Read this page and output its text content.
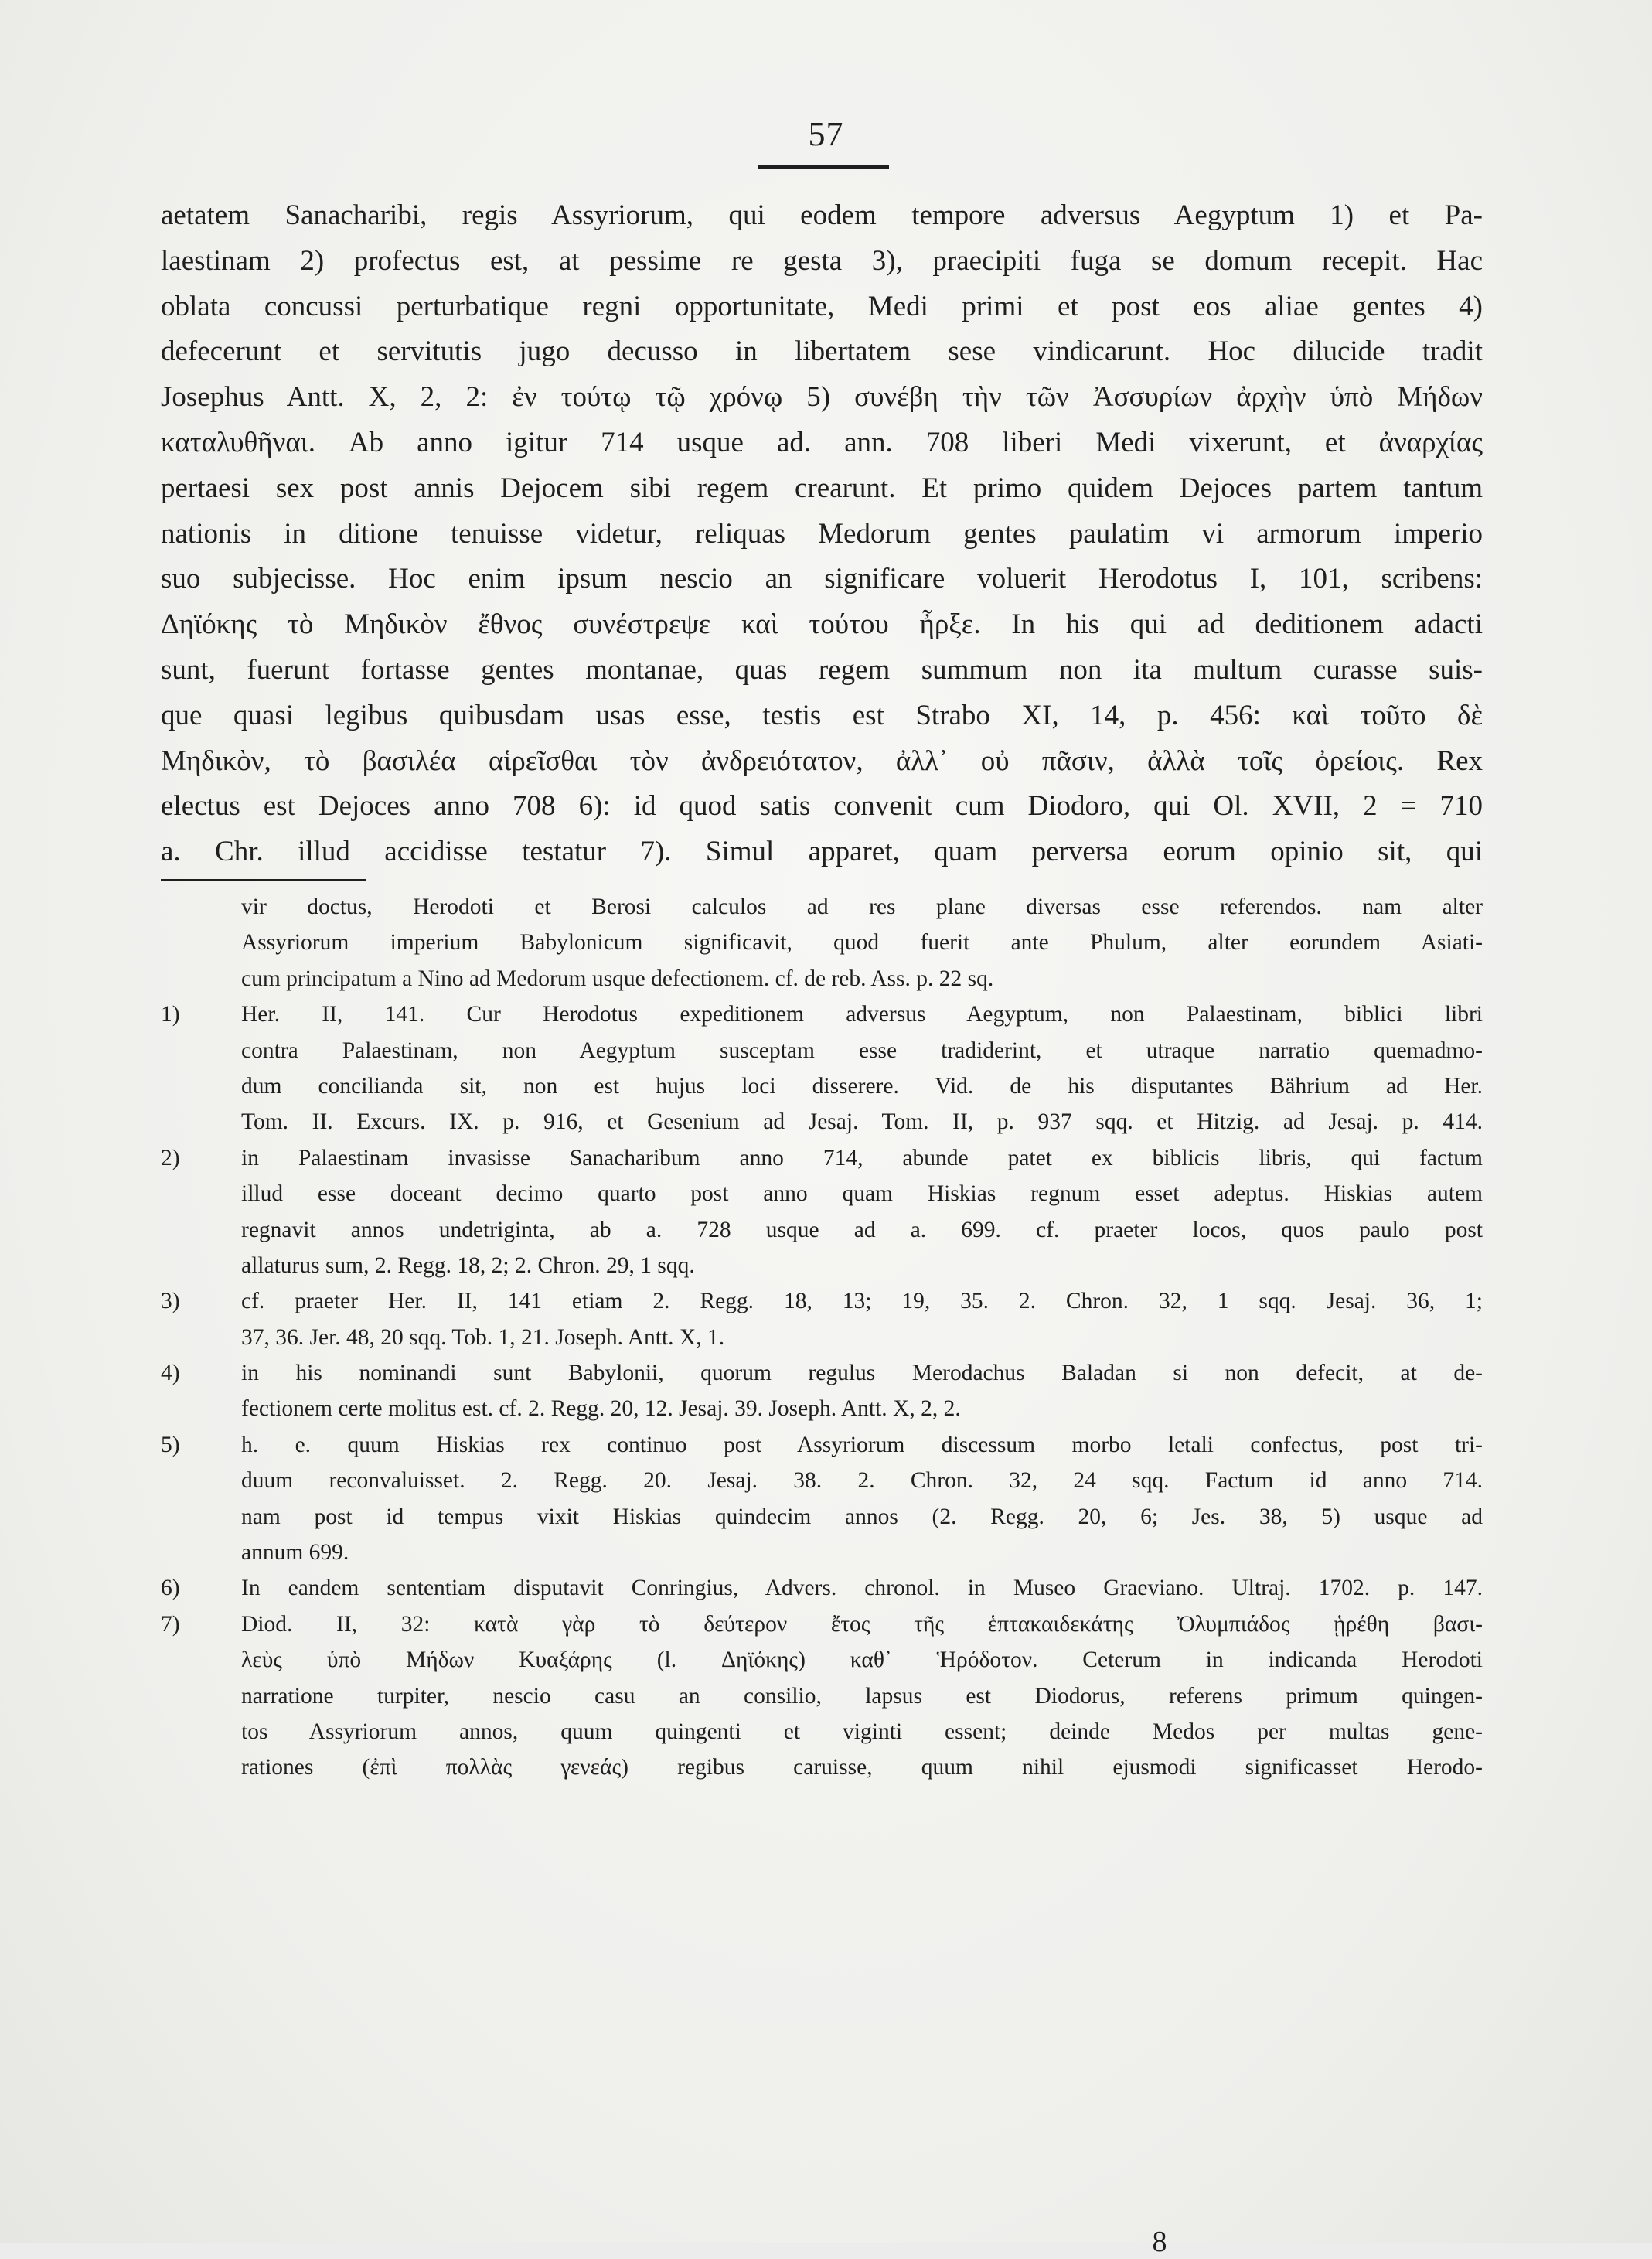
57
aetatem Sanacharibi, regis Assyriorum, qui eodem tempore adversus Aegyptum 1) et Pa-
laestinam 2) profectus est, at pessime re gesta 3), praecipiti fuga se domum recepit. Hac
oblata concussi perturbatique regni opportunitate, Medi primi et post eos aliae gentes 4)
defecerunt et servitutis jugo decusso in libertatem sese vindicarunt. Hoc dilucide tradit
Josephus Antt. X, 2, 2: ἐν τούτῳ τῷ χρόνῳ 5) συνέβη τὴν τῶν Ἀσσυρίων ἀρχὴν ὑπὸ Μήδων
καταλυθῆναι. Ab anno igitur 714 usque ad. ann. 708 liberi Medi vixerunt, et ἀναρχίας
pertaesi sex post annis Dejocem sibi regem crearunt. Et primo quidem Dejoces partem tantum
nationis in ditione tenuisse videtur, reliquas Medorum gentes paulatim vi armorum imperio
suo subjecisse. Hoc enim ipsum nescio an significare voluerit Herodotus I, 101, scribens:
Δηϊόκης τὸ Μηδικὸν ἔθνος συνέστρεψε καὶ τούτου ἦρξε. In his qui ad deditionem adacti
sunt, fuerunt fortasse gentes montanae, quas regem summum non ita multum curasse suis-
que quasi legibus quibusdam usas esse, testis est Strabo XI, 14, p. 456: καὶ τοῦτο δὲ
Μηδικὸν, τὸ βασιλέα αἱρεῖσθαι τὸν ἀνδρειότατον, ἀλλ᾽ οὐ πᾶσιν, ἀλλὰ τοῖς ὀρείοις. Rex
electus est Dejoces anno 708 6): id quod satis convenit cum Diodoro, qui Ol. XVII, 2 = 710
a. Chr. illud accidisse testatur 7). Simul apparet, quam perversa eorum opinio sit, qui
vir doctus, Herodoti et Berosi calculos ad res plane diversas esse referendos. nam alter
Assyriorum imperium Babylonicum significavit, quod fuerit ante Phulum, alter eorundem Asiati-
cum principatum a Nino ad Medorum usque defectionem. cf. de reb. Ass. p. 22 sq.
1)	Her. II, 141. Cur Herodotus expeditionem adversus Aegyptum, non Palaestinam, biblici libri
contra Palaestinam, non Aegyptum susceptam esse tradiderint, et utraque narratio quemadmo-
dum concilianda sit, non est hujus loci disserere. Vid. de his disputantes Bährium ad Her.
Tom. II. Excurs. IX. p. 916, et Gesenium ad Jesaj. Tom. II, p. 937 sqq. et Hitzig. ad Jesaj. p. 414.
2)	in Palaestinam invasisse Sanacharibum anno 714, abunde patet ex biblicis libris, qui factum
illud esse doceant decimo quarto post anno quam Hiskias regnum esset adeptus. Hiskias autem
regnavit annos undetriginta, ab a. 728 usque ad a. 699. cf. praeter locos, quos paulo post
allaturus sum, 2. Regg. 18, 2; 2. Chron. 29, 1 sqq.
3)	cf. praeter Her. II, 141 etiam 2. Regg. 18, 13; 19, 35. 2. Chron. 32, 1 sqq. Jesaj. 36, 1;
37, 36. Jer. 48, 20 sqq. Tob. 1, 21. Joseph. Antt. X, 1.
4)	in his nominandi sunt Babylonii, quorum regulus Merodachus Baladan si non defecit, at de-
fectionem certe molitus est. cf. 2. Regg. 20, 12. Jesaj. 39. Joseph. Antt. X, 2, 2.
5)	h. e. quum Hiskias rex continuo post Assyriorum discessum morbo letali confectus, post tri-
duum reconvaluisset. 2. Regg. 20. Jesaj. 38. 2. Chron. 32, 24 sqq. Factum id anno 714.
nam post id tempus vixit Hiskias quindecim annos (2. Regg. 20, 6; Jes. 38, 5) usque ad
annum 699.
6)	In eandem sententiam disputavit Conringius, Advers. chronol. in Museo Graeviano. Ultraj. 1702. p. 147.
7)	Diod. II, 32: κατὰ γὰρ τὸ δεύτερον ἔτος τῆς ἑπτακαιδεκάτης Ὀλυμπιάδος ᾑρέθη βασι-
λεὺς ὑπὸ Μήδων Κυαξάρης (l. Δηϊόκης) καθ᾽ Ἡρόδοτον. Ceterum in indicanda Herodoti
narratione turpiter, nescio casu an consilio, lapsus est Diodorus, referens primum quingen-
tos Assyriorum annos, quum quingenti et viginti essent; deinde Medos per multas gene-
rationes (ἐπὶ πολλὰς γενεάς) regibus caruisse, quum nihil ejusmodi significasset Herodo-
8
